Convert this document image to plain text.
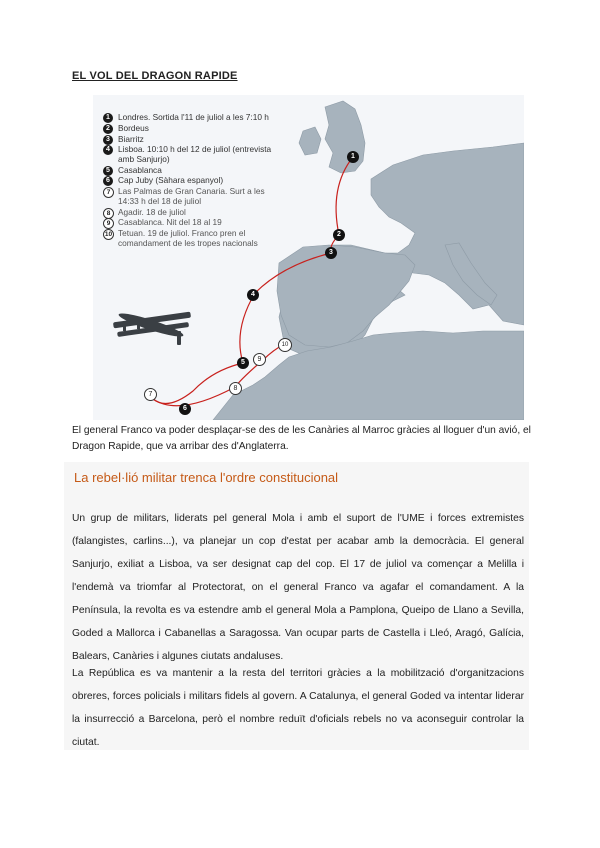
EL VOL DEL DRAGON RAPIDE
1
2
3
4
5
6
7
8
9
10
1 Londres. Sortida l'11 de juliol a les 7:10 h
2 Bordeus
3 Biarritz
4 Lisboa. 10:10 h del 12 de juliol (entrevista amb Sanjurjo)
5 Casablanca
6 Cap Juby (Sàhara espanyol)
7 Las Palmas de Gran Canaria. Surt a les 14:33 h del 18 de juliol
8 Agadir. 18 de juliol
9 Casablanca. Nit del 18 al 19
10 Tetuan. 19 de juliol. Franco pren el comandament de les tropes nacionals
El general Franco va poder desplaçar-se des de les Canàries al Marroc gràcies al lloguer d'un avió, el Dragon Rapide, que va arribar des d'Anglaterra.
La rebel·lió militar trenca l'ordre constitucional
Un grup de militars, liderats pel general Mola i amb el suport de l'UME i forces extremistes (falangistes, carlins...), va planejar un cop d'estat per acabar amb la democràcia. El general Sanjurjo, exiliat a Lisboa, va ser designat cap del cop. El 17 de juliol va començar a Melilla i l'endemà va triomfar al Protectorat, on el general Franco va agafar el comandament. A la Península, la revolta es va estendre amb el general Mola a Pamplona, Queipo de Llano a Sevilla, Goded a Mallorca i Cabanellas a Saragossa. Van ocupar parts de Castella i Lleó, Aragó, Galícia, Balears, Canàries i algunes ciutats andaluses.
La República es va mantenir a la resta del territori gràcies a la mobilització d'organitzacions obreres, forces policials i militars fidels al govern. A Catalunya, el general Goded va intentar liderar la insurrecció a Barcelona, però el nombre reduït d'oficials rebels no va aconseguir controlar la ciutat.
